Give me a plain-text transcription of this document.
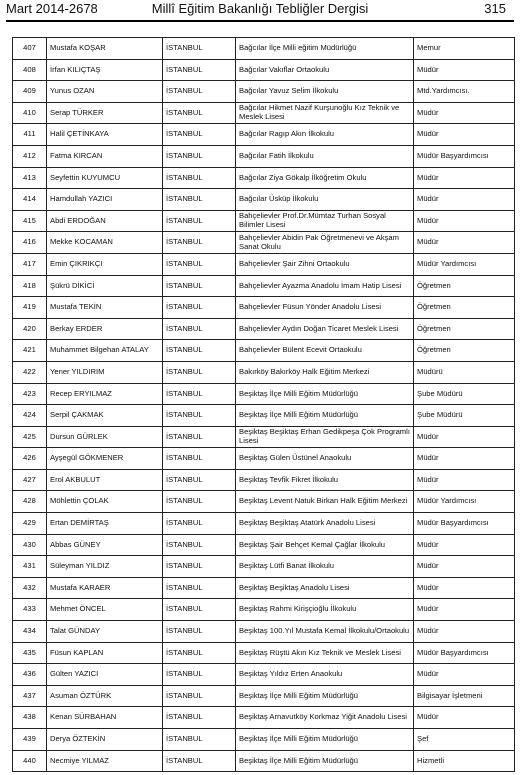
Mart 2014-2678	Millî Eğitim Bakanlığı Tebliğler Dergisi	315
407	Mustafa KOŞAR	İSTANBUL	Bağcılar İlçe Milli eğitim Müdürlüğü	Memur
408	İrfan KILIÇTAŞ	İSTANBUL	Bağcılar Vakıflar Ortaokulu	Müdür
409	Yunus OZAN	İSTANBUL	Bağcılar Yavuz Selim İlkokulu	Mtd.Yardımcısı.
410	Serap TÜRKER	İSTANBUL	Bağcılar Hikmet Nazif Kurşunoğlu Kız Teknik ve Meslek Lisesi	Müdür
411	Halil ÇETİNKAYA	İSTANBUL	Bağcılar Ragıp Akın İlkokulu	Müdür
412	Fatma KIRCAN	İSTANBUL	Bağcılar Fatih İlkokulu	Müdür Başyardımcısı
413	Seyfettin KUYUMCU	İSTANBUL	Bağcılar Ziya Gökalp İlköğretim Okulu	Müdür
414	Hamdullah YAZICI	İSTANBUL	Bağcılar Üsküp İlkokulu	Müdür
415	Abdi ERDOĞAN	İSTANBUL	Bahçelievler Prof.Dr.Mümtaz Turhan Sosyal Bilimler Lisesi	Müdür
416	Mekke KOCAMAN	İSTANBUL	Bahçelievler Abidin Pak Öğretmenevi ve Akşam Sanat Okulu	Müdür
417	Emin ÇIKRIKÇI	İSTANBUL	Bahçelievler Şair Zihni Ortaokulu	Müdür Yardımcısı
418	Şükrü DİKİCİ	İSTANBUL	Bahçelievler Ayazma Anadolu İmam Hatip Lisesi	Öğretmen
419	Mustafa TEKİN	İSTANBUL	Bahçelievler Füsun Yönder Anadolu Lisesi	Öğretmen
420	Berkay ERDER	İSTANBUL	Bahçelievler Aydın Doğan Ticaret Meslek Lisesi	Öğretmen
421	Muhammet Bilgehan ATALAY	İSTANBUL	Bahçelievler Bülent Ecevit Ortaokulu	Öğretmen
422	Yener YILDIRIM	İSTANBUL	Bakırköy Bakırköy Halk Eğitim Merkezi	Müdürü
423	Recep ERYILMAZ	İSTANBUL	Beşiktaş İlçe Milli Eğitim Müdürlüğü	Şube Müdürü
424	Serpil ÇAKMAK	İSTANBUL	Beşiktaş İlçe Milli Eğitim Müdürlüğü	Şube Müdürü
425	Dursun GÜRLEK	İSTANBUL	Beşiktaş Beşiktaş Erhan Gedikpeşa Çok Programlı Lisesi	Müdür
426	Ayşegül GÖKMENER	İSTANBUL	Beşiktaş Gülen Üstünel Anaokulu	Müdür
427	Erol AKBULUT	İSTANBUL	Beşiktaş Tevfik Fikret İlkokulu	Müdür
428	Möhlettin ÇOLAK	İSTANBUL	Beşiktaş Levent Natuk Birkan Halk Eğitim Merkezi	Müdür Yardımcısı
429	Ertan DEMİRTAŞ	İSTANBUL	Beşiktaş Beşiktaş Atatürk Anadolu Lisesi	Müdür Başyardımcısı
430	Abbas GÜNEY	İSTANBUL	Beşiktaş Şair Behçet Kemal Çağlar İlkokulu	Müdür
431	Süleyman YILDIZ	İSTANBUL	Beşiktaş Lütfi Banat İlkokulu	Müdür
432	Mustafa KARAER	İSTANBUL	Beşiktaş Beşiktaş Anadolu Lisesi	Müdür
433	Mehmet ÖNCEL	İSTANBUL	Beşiktaş Rahmi Kirişçioğlu İlkokulu	Müdür
434	Talat GÜNDAY	İSTANBUL	Beşiktaş 100.Yıl Mustafa Kemal İlkokulu/Ortaokulu	Müdür
435	Füsun KAPLAN	İSTANBUL	Beşiktaş Rüştü Akın Kız Teknik ve Meslek Lisesi	Müdür Başyardımcısı
436	Gülten YAZICI	İSTANBUL	Beşiktaş Yıldız Erten Anaokulu	Müdür
437	Asuman ÖZTÜRK	İSTANBUL	Beşiktaş İlçe Milli Eğitim Müdürlüğü	Bilgisayar İşletmeni
438	Kenan SÜRBAHAN	İSTANBUL	Beşiktaş Arnavutköy Korkmaz Yiğit Anadolu Lisesi	Müdür
439	Derya ÖZTEKİN	İSTANBUL	Beşiktaş İlçe Milli Eğitim Müdürlüğü	Şef
440	Necmiye YILMAZ	İSTANBUL	Beşiktaş İlçe Milli Eğitim Müdürlüğü	Hizmetli
